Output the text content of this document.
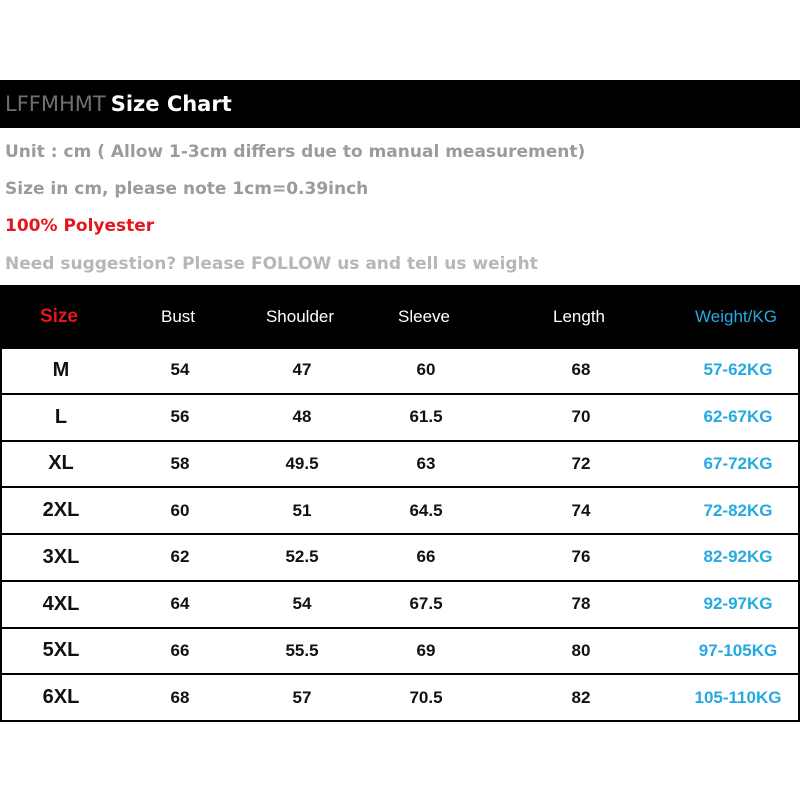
LFFMHMT Size Chart
Unit : cm ( Allow 1-3cm differs due to manual measurement)
Size in cm, please note 1cm=0.39inch
100% Polyester
Need suggestion? Please FOLLOW us and tell us weight
Size	Bust	Shoulder	Sleeve	Length	Weight/KG
M	54	47	60	68	57-62KG
L	56	48	61.5	70	62-67KG
XL	58	49.5	63	72	67-72KG
2XL	60	51	64.5	74	72-82KG
3XL	62	52.5	66	76	82-92KG
4XL	64	54	67.5	78	92-97KG
5XL	66	55.5	69	80	97-105KG
6XL	68	57	70.5	82	105-110KG
